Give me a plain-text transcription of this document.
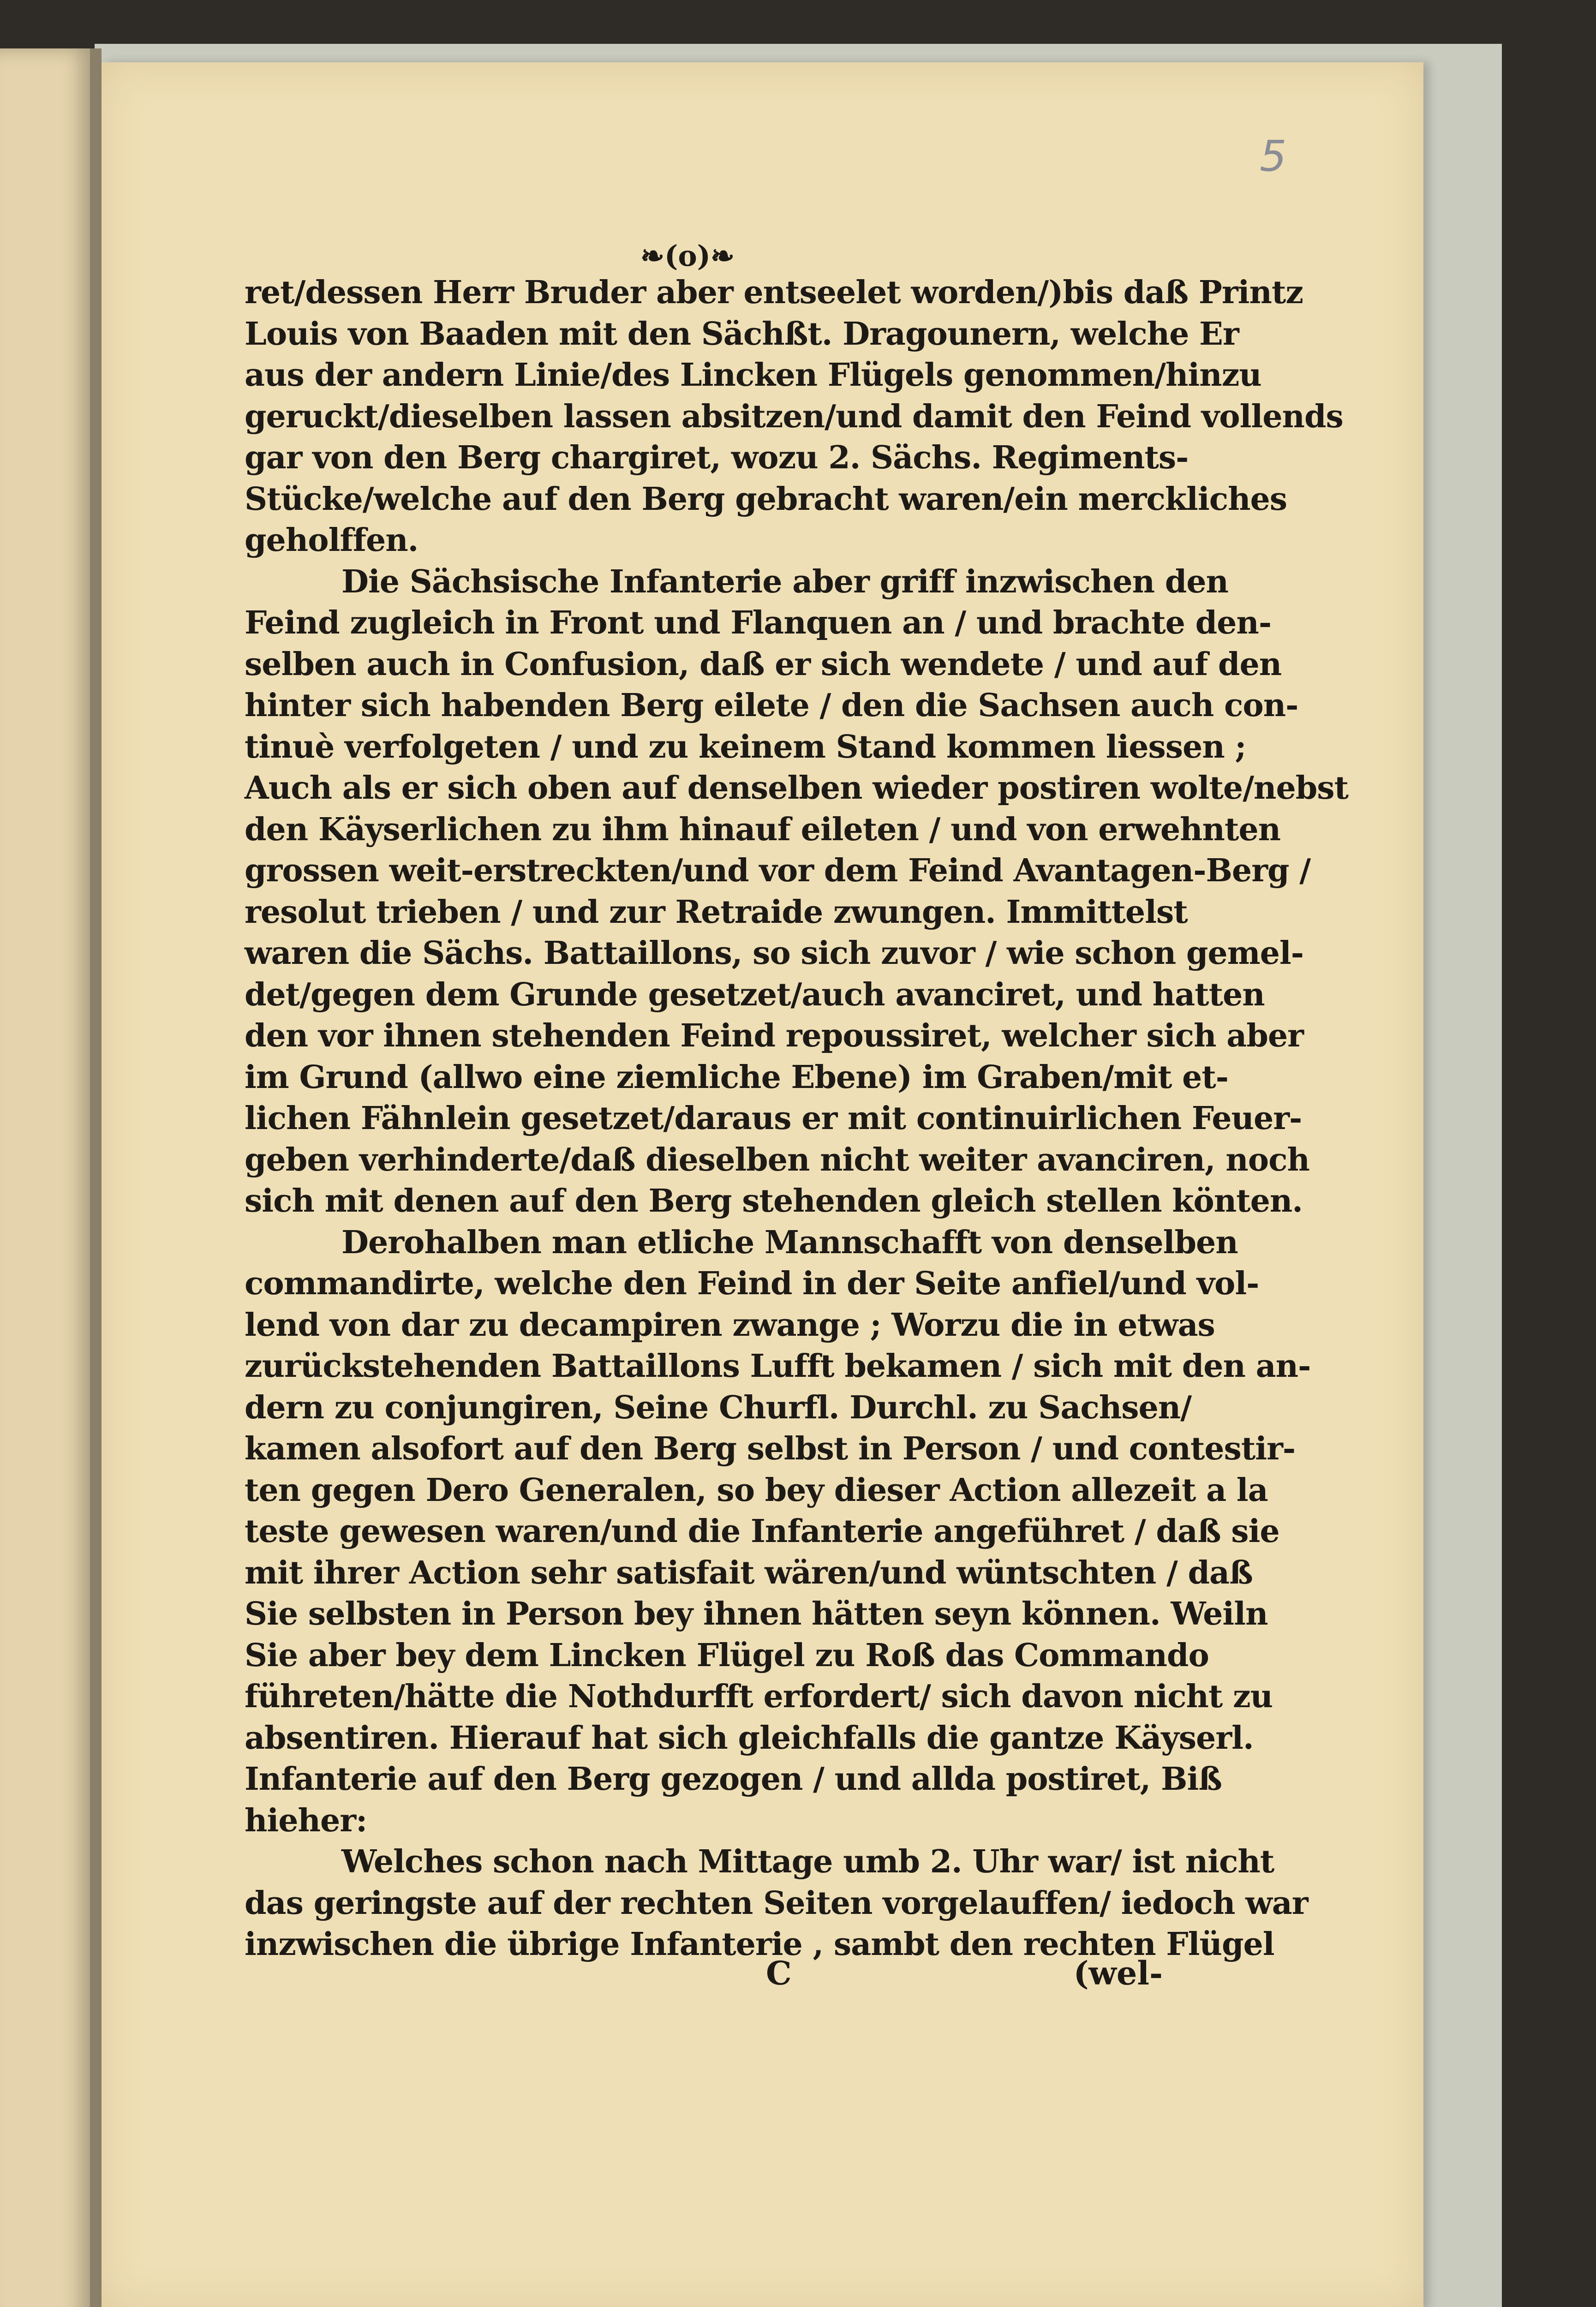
5
❧(o)❧
ret/dessen Herr Bruder aber entseelet worden/)bis daß Printz
Louis von Baaden mit den Sächßt. Dragounern, welche Er
aus der andern Linie/des Lincken Flügels genommen/hinzu
geruckt/dieselben lassen absitzen/und damit den Feind vollends
gar von den Berg chargiret, wozu 2. Sächs. Regiments-
Stücke/welche auf den Berg gebracht waren/ein merckliches
geholffen.
Die Sächsische Infanterie aber griff inzwischen den
Feind zugleich in Front und Flanquen an / und brachte den-
selben auch in Confusion, daß er sich wendete / und auf den
hinter sich habenden Berg eilete / den die Sachsen auch con-
tinuè verfolgeten / und zu keinem Stand kommen liessen ;
Auch als er sich oben auf denselben wieder postiren wolte/nebst
den Käyserlichen zu ihm hinauf eileten / und von erwehnten
grossen weit-erstreckten/und vor dem Feind Avantagen-Berg /
resolut trieben / und zur Retraide zwungen. Immittelst
waren die Sächs. Battaillons, so sich zuvor / wie schon gemel-
det/gegen dem Grunde gesetzet/auch avanciret, und hatten
den vor ihnen stehenden Feind repoussiret, welcher sich aber
im Grund (allwo eine ziemliche Ebene) im Graben/mit et-
lichen Fähnlein gesetzet/daraus er mit continuirlichen Feuer-
geben verhinderte/daß dieselben nicht weiter avanciren, noch
sich mit denen auf den Berg stehenden gleich stellen könten.
Derohalben man etliche Mannschafft von denselben
commandirte, welche den Feind in der Seite anfiel/und vol-
lend von dar zu decampiren zwange ; Worzu die in etwas
zurückstehenden Battaillons Lufft bekamen / sich mit den an-
dern zu conjungiren, Seine Churfl. Durchl. zu Sachsen/
kamen alsofort auf den Berg selbst in Person / und contestir-
ten gegen Dero Generalen, so bey dieser Action allezeit a la
teste gewesen waren/und die Infanterie angeführet / daß sie
mit ihrer Action sehr satisfait wären/und wüntschten / daß
Sie selbsten in Person bey ihnen hätten seyn können. Weiln
Sie aber bey dem Lincken Flügel zu Roß das Commando
führeten/hätte die Nothdurfft erfordert/ sich davon nicht zu
absentiren. Hierauf hat sich gleichfalls die gantze Käyserl.
Infanterie auf den Berg gezogen / und allda postiret, Biß
hieher:
Welches schon nach Mittage umb 2. Uhr war/ ist nicht
das geringste auf der rechten Seiten vorgelauffen/ iedoch war
inzwischen die übrige Infanterie , sambt den rechten Flügel
C	(wel-
